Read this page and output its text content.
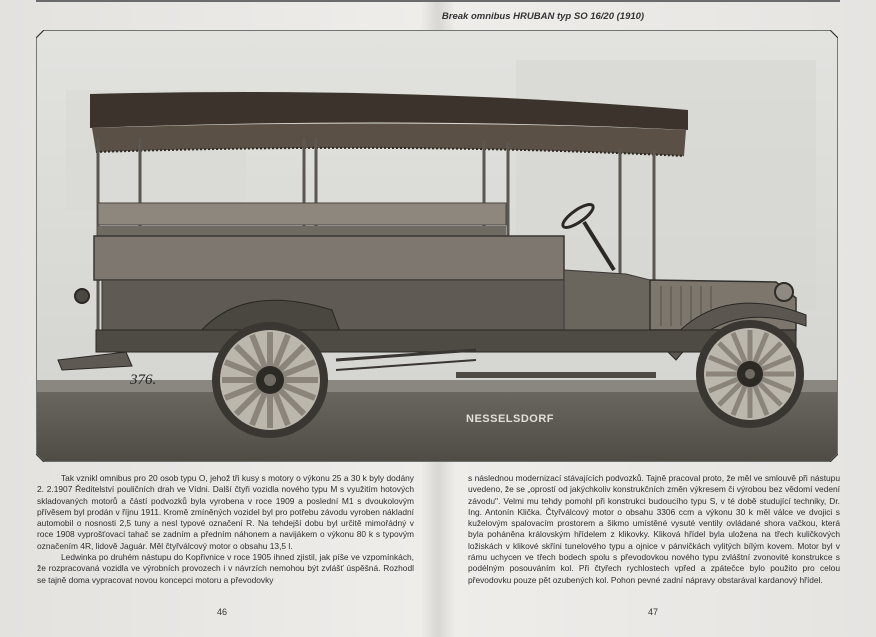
Break omnibus HRUBAN typ SO 16/20 (1910)
376.
NESSELSDORF

Tak vznikl omnibus pro 20 osob typu O, jehož tři kusy s motory o výkonu 25 a 30 k byly dodány 2. 2.1907 Ředitelství pouličních drah ve Vídni. Další čtyři vozidla nového typu M s využitím hotových skladovaných motorů a částí podvozků byla vyrobena v roce 1909 a poslední M1 s dvoukolovým přívěsem byl prodán v říjnu 1911. Kromě zmíněných vozidel byl pro potřebu závodu vyroben nákladní automobil o nosnosti 2,5 tuny a nesl typové označení R. Na tehdejší dobu byl určitě mimořádný v roce 1908 vyprošťovací tahač se zadním a předním náhonem a navijákem o výkonu 80 k s typovým označením 4R, lidově Jaguár. Měl čtyřválcový motor o obsahu 13,5 l.

Ledwinka po druhém nástupu do Kopřivnice v roce 1905 ihned zjistil, jak píše ve vzpomínkách, že rozpracovaná vozidla ve výrobních provozech i v návrzích nemohou být zvlášť úspěšná. Rozhodl se tajně doma vypracovat novou koncepci motoru a převodovky

s následnou modernizací stávajících podvozků. Tajně pracoval proto, že měl ve smlouvě při nástupu uvedeno, že se „oprostí od jakýchkoliv konstrukčních změn výkresem či výrobou bez vědomí vedení závodu". Velmi mu tehdy pomohl při konstrukci budoucího typu S, v té době studující techniky, Dr. Ing. Antonín Klička. Čtyřválcový motor o obsahu 3306 ccm a výkonu 30 k měl válce ve dvojici s kuželovým spalovacím prostorem a šikmo umístěné vysuté ventily ovládané shora vačkou, která byla poháněna královským hřídelem z klikovky. Kliková hřídel byla uložena na třech kuličkových ložiskách v klikové skříni tunelového typu a ojnice v pánvičkách vylitých bílým kovem. Motor byl v rámu uchycen ve třech bodech spolu s převodovkou nového typu zvláštní zvonovité konstrukce s podélným posouváním kol. Při čtyřech rychlostech vpřed a zpátečce bylo použito pro celou převodovku pouze pět ozubených kol. Pohon pevné zadní nápravy obstarával kardanový hřídel.

46	47
